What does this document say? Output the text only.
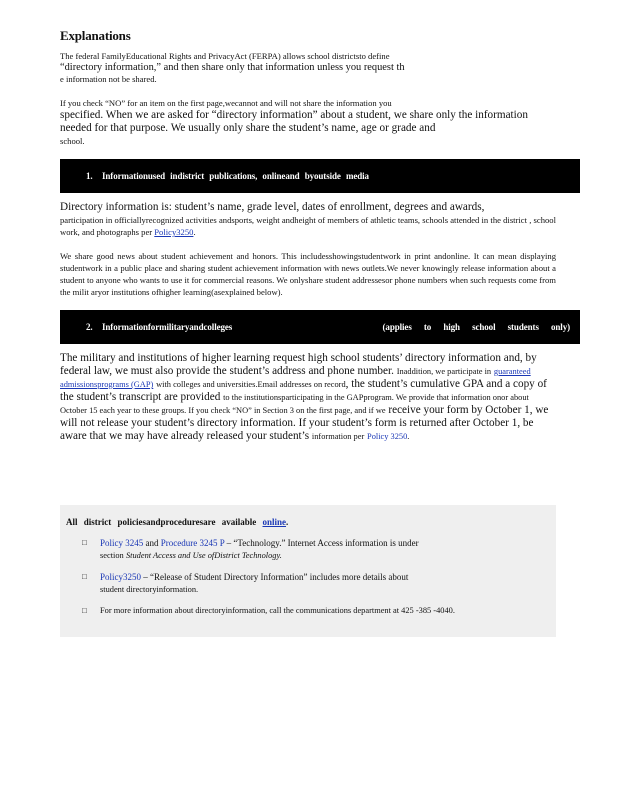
Explanations

The federal FamilyEducational Rights and PrivacyAct (FERPA) allows school districtsto define

“directory information,” and then share only that information unless you request th

e information not be shared.

If you check “NO” for an item on the first page,wecannot and will not share the information you

specified. When we are asked for “directory information” about a student, we share only the information needed for that purpose. We usually only share the student’s name, age or grade and

school.

1.	Informationused indistrict publications, onlineand byoutside media

Directory information is: student’s name, grade level, dates of enrollment, degrees and awards,

participation in officiallyrecognized activities andsports, weight andheight of members of athletic teams, schools attended in the district , school work, and photographs per Policy3250.

We share good news about student achievement and honors. This includesshowingstudentwork in print andonline. It can mean displaying studentwork in a public place and sharing student achievement information with news outlets.We never knowingly release information about a student to anyone who wants to use it for commercial reasons. We onlyshare student addressesor phone numbers when such requests come from the milit aryor institutions ofhigher learning(asexplained below).

2.	Informationformilitaryandcolleges	(applies to high school students only)

The military and institutions of higher learning request high school students’ directory information and, by federal law, we must also provide the student’s address and phone number. Inaddition, we participate in guaranteed admissionsprograms (GAP) with colleges and universities.Email addresses on record, the student’s cumulative GPA and a copy of the student’s transcript are provided to the institutionsparticipating in the GAPprogram. We provide that information onor about October 15 each year to these groups. If you check “NO” in Section 3 on the first page, and if we receive your form by October 1, we will not release your student’s directory information. If your student’s form is returned after October 1, be aware that we may have already released your student’s information per Policy 3250.

All district policiesandproceduresare available online.
□	Policy 3245 and Procedure 3245 P – “Technology.” Internet Access information is under
section Student Access and Use ofDistrict Technology.
□	Policy3250 – “Release of Student Directory Information” includes more details about
student directoryinformation.
□	For more information about directoryinformation, call the communications department at 425 -385 -4040.
